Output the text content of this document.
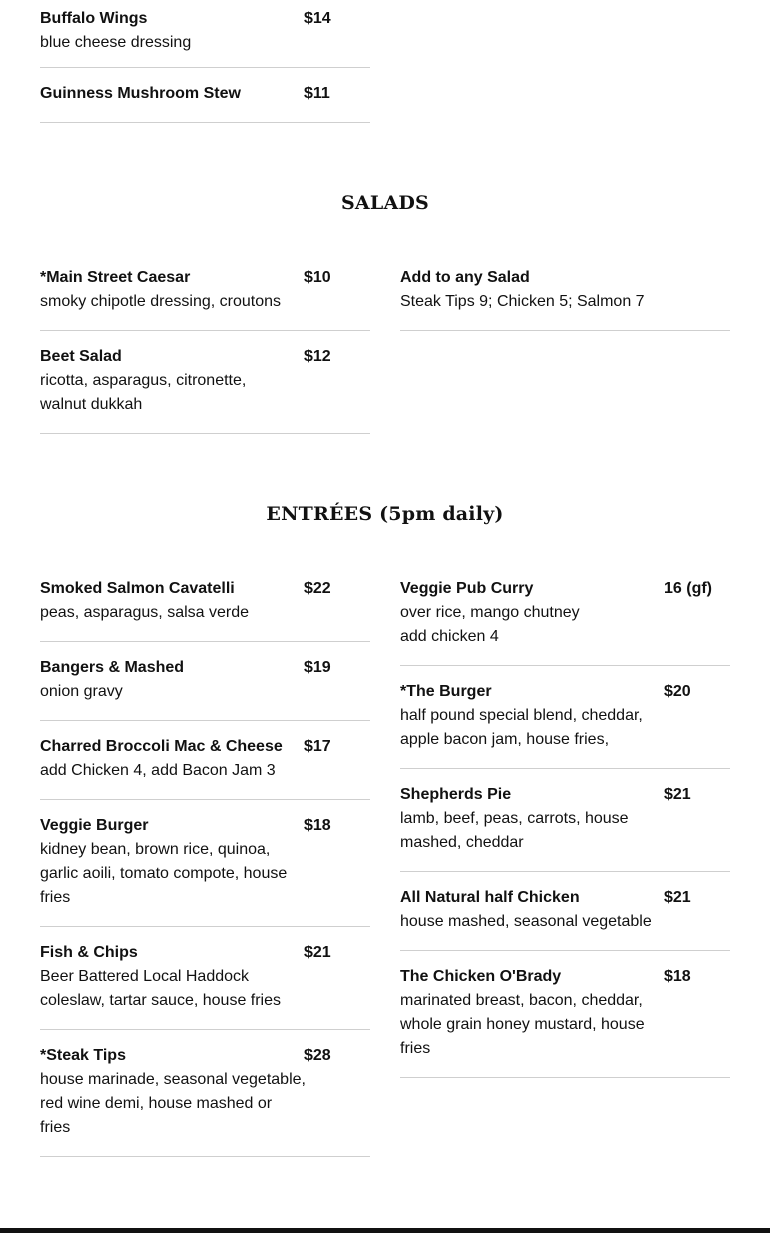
Buffalo Wings	$14
blue cheese dressing
Guinness Mushroom Stew	$11
SALADS
*Main Street Caesar	$10
smoky chipotle dressing, croutons
Add to any Salad
Steak Tips 9; Chicken 5; Salmon 7
Beet Salad	$12
ricotta, asparagus, citronette, walnut dukkah
ENTRÉES (5pm daily)
Smoked Salmon Cavatelli	$22
peas, asparagus, salsa verde
Bangers & Mashed	$19
onion gravy
Charred Broccoli Mac & Cheese	$17
add Chicken 4, add Bacon Jam 3
Veggie Burger	$18
kidney bean, brown rice, quinoa, garlic aoili, tomato compote, house fries
Fish & Chips	$21
Beer Battered Local Haddock
coleslaw, tartar sauce, house fries
*Steak Tips	$28
house marinade, seasonal vegetable, red wine demi, house mashed or fries
Veggie Pub Curry	16 (gf)
over rice, mango chutney
add chicken 4
*The Burger	$20
half pound special blend, cheddar, apple bacon jam, house fries,
Shepherds Pie	$21
lamb, beef, peas, carrots, house mashed, cheddar
All Natural half Chicken	$21
house mashed, seasonal vegetable
The Chicken O'Brady	$18
marinated breast, bacon, cheddar, whole grain honey mustard, house fries
